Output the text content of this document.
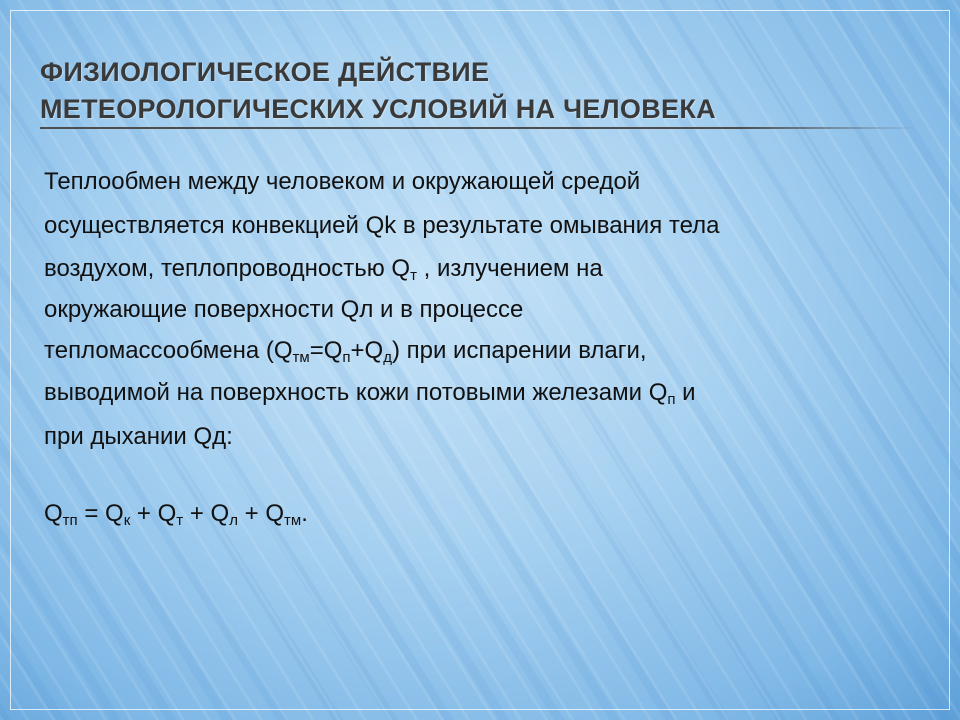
ФИЗИОЛОГИЧЕСКОЕ ДЕЙСТВИЕ
МЕТЕОРОЛОГИЧЕСКИХ УСЛОВИЙ НА ЧЕЛОВЕКА
Теплообмен между человеком и окружающей средой
осуществляется конвекцией Qk в результате омывания тела
воздухом, теплопроводностью $Q_т$ , излучением на
окружающие поверхности Qл и в процессе
тепломассообмена $(Q_{тм}=Q_п+Q_д)$ при испарении влаги,
выводимой на поверхность кожи потовыми железами $Q_п$ и
при дыхании Qд:
$Q_{тп} = Q_к + Q_т + Q_л + Q_{тм}$.
